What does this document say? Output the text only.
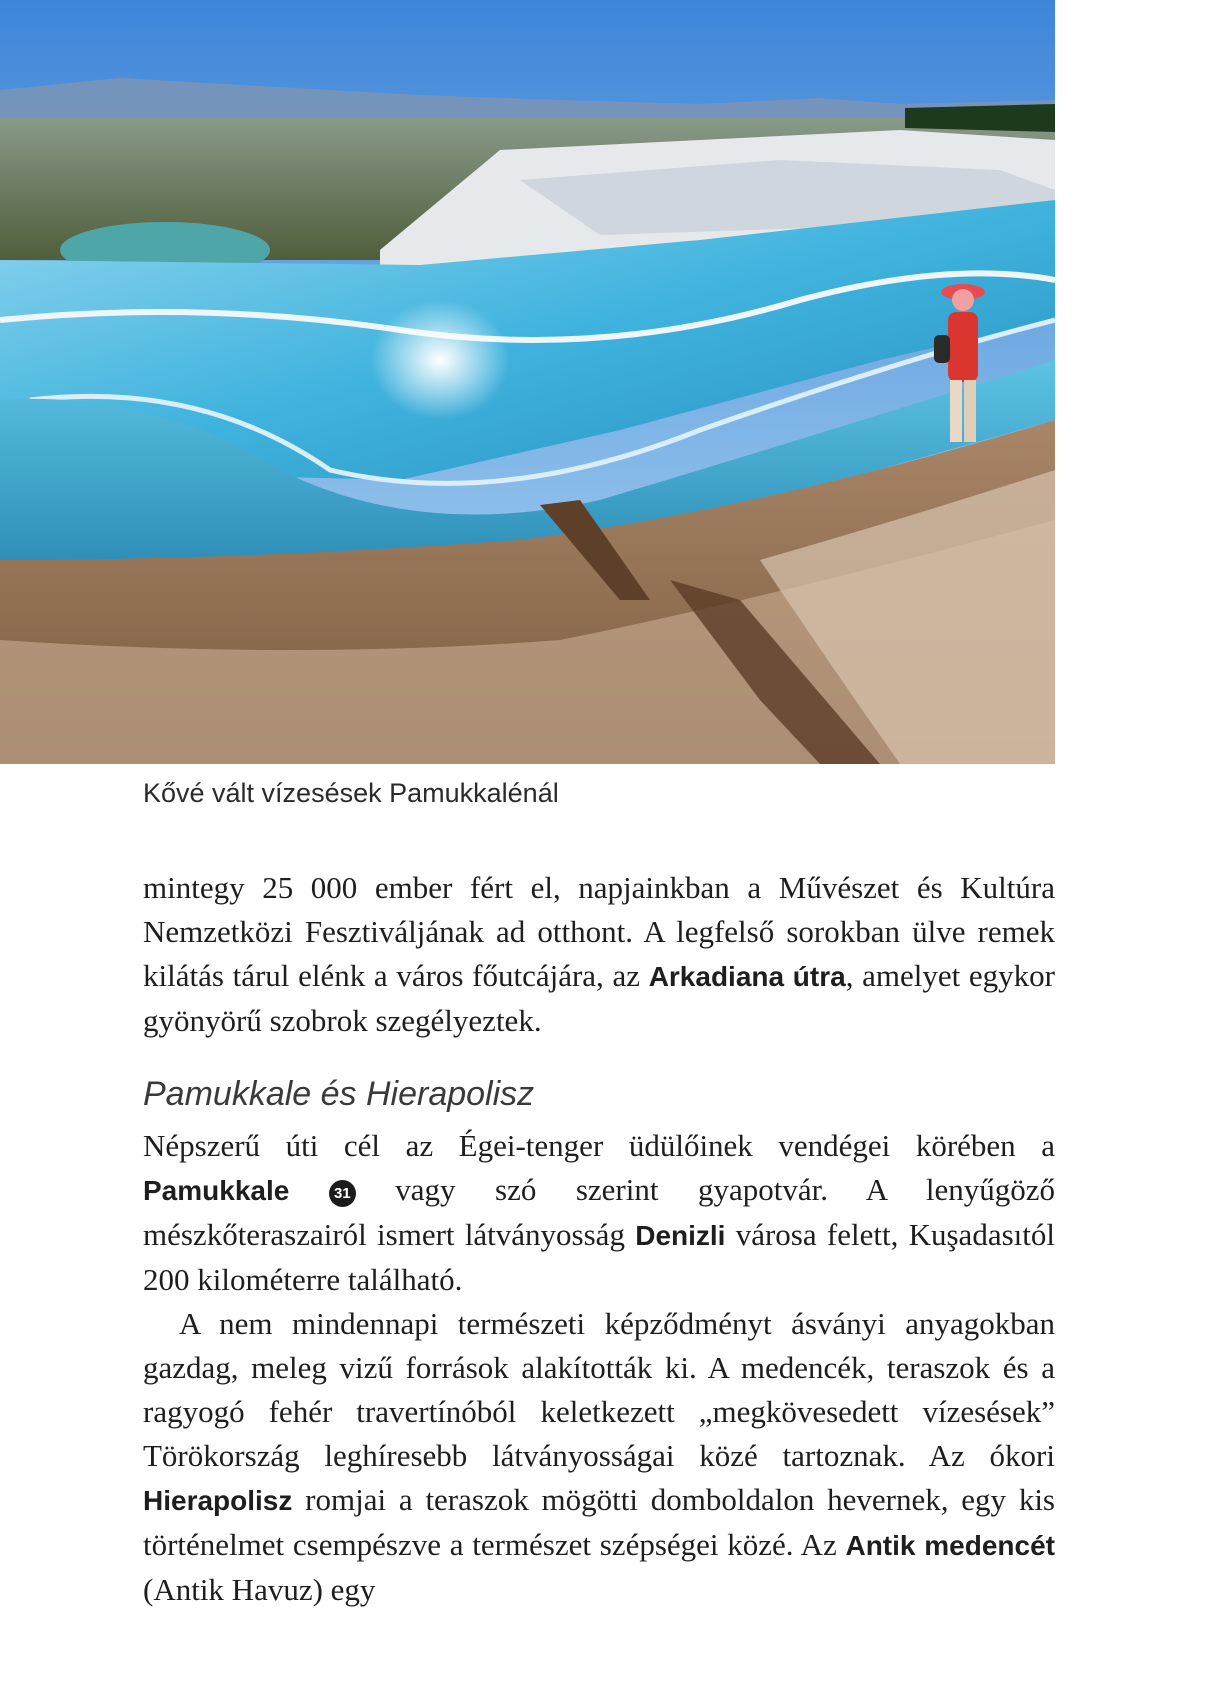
Kővé vált vízesések Pamukkalénál

mintegy 25 000 ember fért el, napjainkban a Művészet és Kultúra Nemzetközi Fesztiváljának ad otthont. A legfelső sorokban ülve remek kilátás tárul elénk a város főutcájára, az Arkadiana útra, amelyet egykor gyönyörű szobrok szegélyeztek.

Pamukkale és Hierapolisz

Népszerű úti cél az Égei-tenger üdülőinek vendégei körében a Pamukkale	31 vagy szó szerint gyapotvár. A lenyűgöző mészkőteraszairól ismert látványosság Denizli városa felett, Kuşadasıtól 200 kilométerre található.

A nem mindennapi természeti képződményt ásványi anyagokban gazdag, meleg vizű források alakították ki. A medencék, teraszok és a ragyogó fehér travertínóból keletkezett „megkövesedett vízesések” Törökország leghíresebb látványosságai közé tartoznak. Az ókori Hierapolisz romjai a teraszok mögötti domboldalon hevernek, egy kis történelmet csempészve a természet szépségei közé. Az Antik medencét (Antik Havuz) egy
